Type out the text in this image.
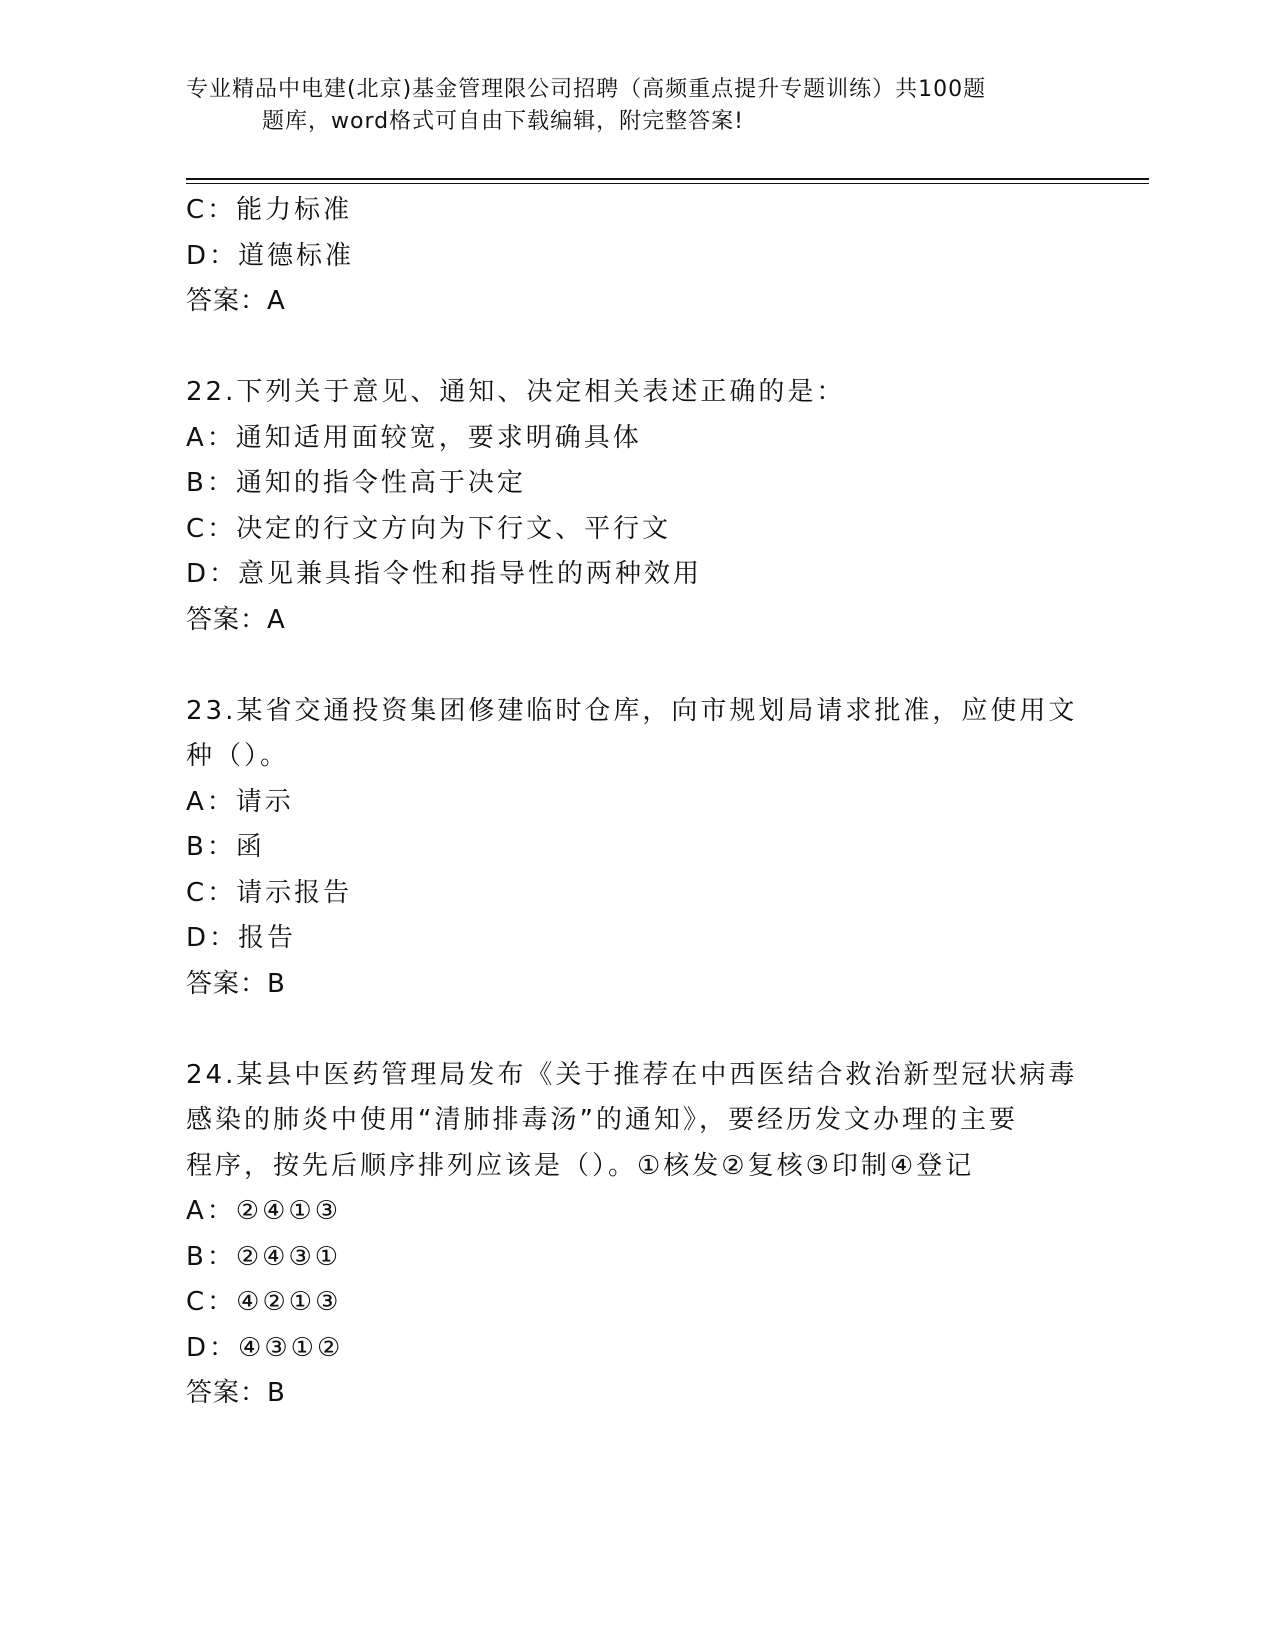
专业精品中电建(北京)基金管理限公司招聘（高频重点提升专题训练）共100题
题库，word格式可自由下载编辑，附完整答案!
C：能力标准
D：道德标准
答案：A
22.下列关于意见、通知、决定相关表述正确的是：
A：通知适用面较宽，要求明确具体
B：通知的指令性高于决定
C：决定的行文方向为下行文、平行文
D：意见兼具指令性和指导性的两种效用
答案：A
23.某省交通投资集团修建临时仓库，向市规划局请求批准，应使用文
种（）。
A：请示
B：函
C：请示报告
D：报告
答案：B
24.某县中医药管理局发布《关于推荐在中西医结合救治新型冠状病毒
感染的肺炎中使用“清肺排毒汤”的通知》，要经历发文办理的主要
程序，按先后顺序排列应该是（）。①核发②复核③印制④登记
A：②④①③
B：②④③①
C：④②①③
D：④③①②
答案：B
